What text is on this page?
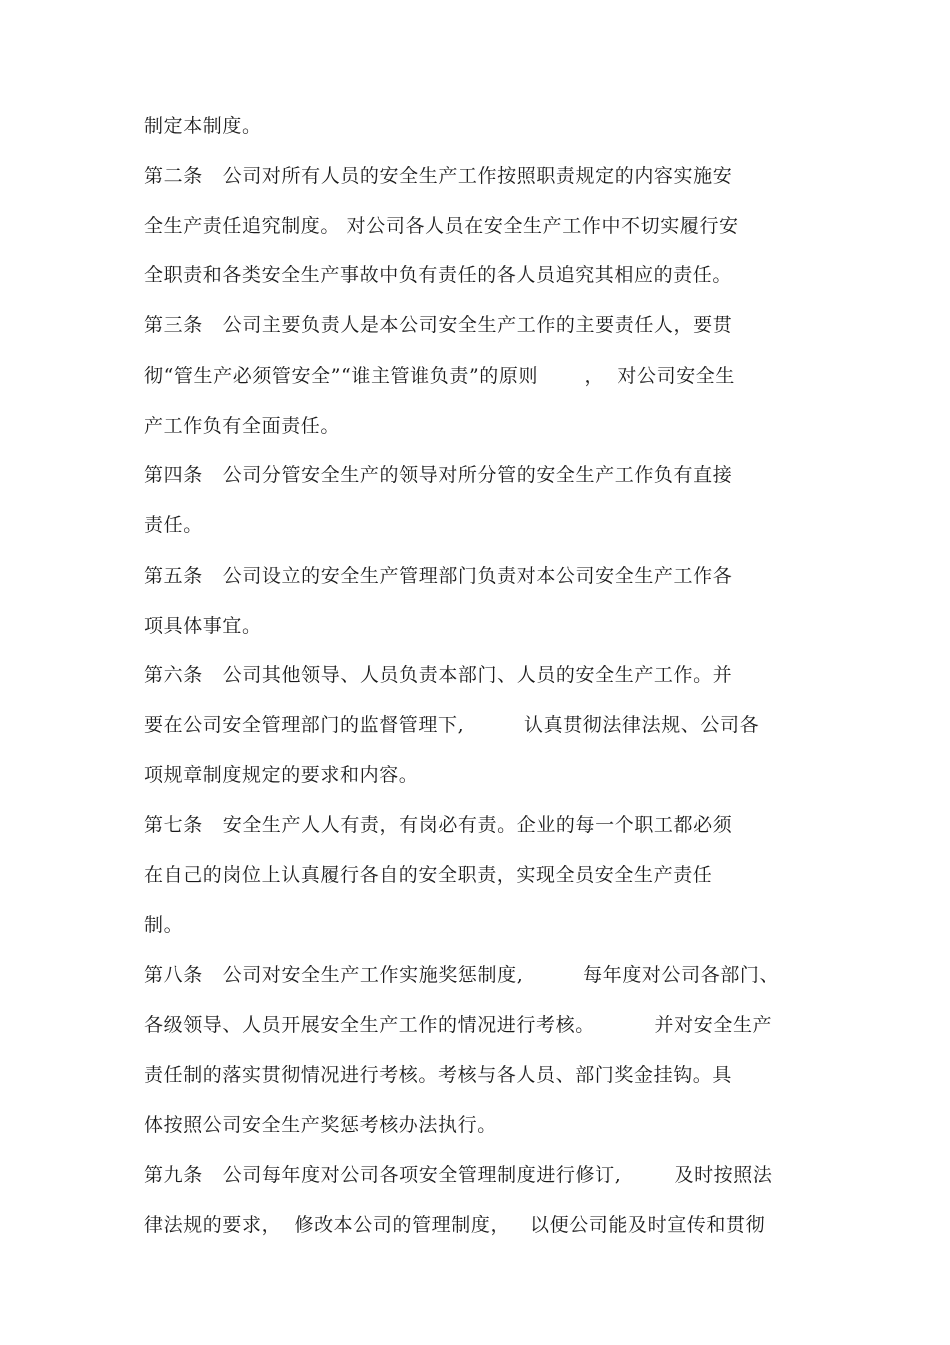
制定本制度。
第二条   公司对所有人员的安全生产工作按照职责规定的内容实施安
全生产责任追究制度。 对公司各人员在安全生产工作中不切实履行安
全职责和各类安全生产事故中负有责任的各人员追究其相应的责任。
第三条   公司主要负责人是本公司安全生产工作的主要责任人，要贯
彻“管生产必须管安全”“谁主管谁负责”的原则       ，  对公司安全生
产工作负有全面责任。
第四条   公司分管安全生产的领导对所分管的安全生产工作负有直接
责任。
第五条   公司设立的安全生产管理部门负责对本公司安全生产工作各
项具体事宜。
第六条   公司其他领导、人员负责本部门、人员的安全生产工作。并
要在公司安全管理部门的监督管理下,         认真贯彻法律法规、公司各
项规章制度规定的要求和内容。
第七条   安全生产人人有责，有岗必有责。企业的每一个职工都必须
在自己的岗位上认真履行各自的安全职责，实现全员安全生产责任
制。
第八条   公司对安全生产工作实施奖惩制度,         每年度对公司各部门、
各级领导、人员开展安全生产工作的情况进行考核。         并对安全生产
责任制的落实贯彻情况进行考核。考核与各人员、部门奖金挂钩。具
体按照公司安全生产奖惩考核办法执行。
第九条   公司每年度对公司各项安全管理制度进行修订,        及时按照法
律法规的要求，  修改本公司的管理制度，   以便公司能及时宣传和贯彻
